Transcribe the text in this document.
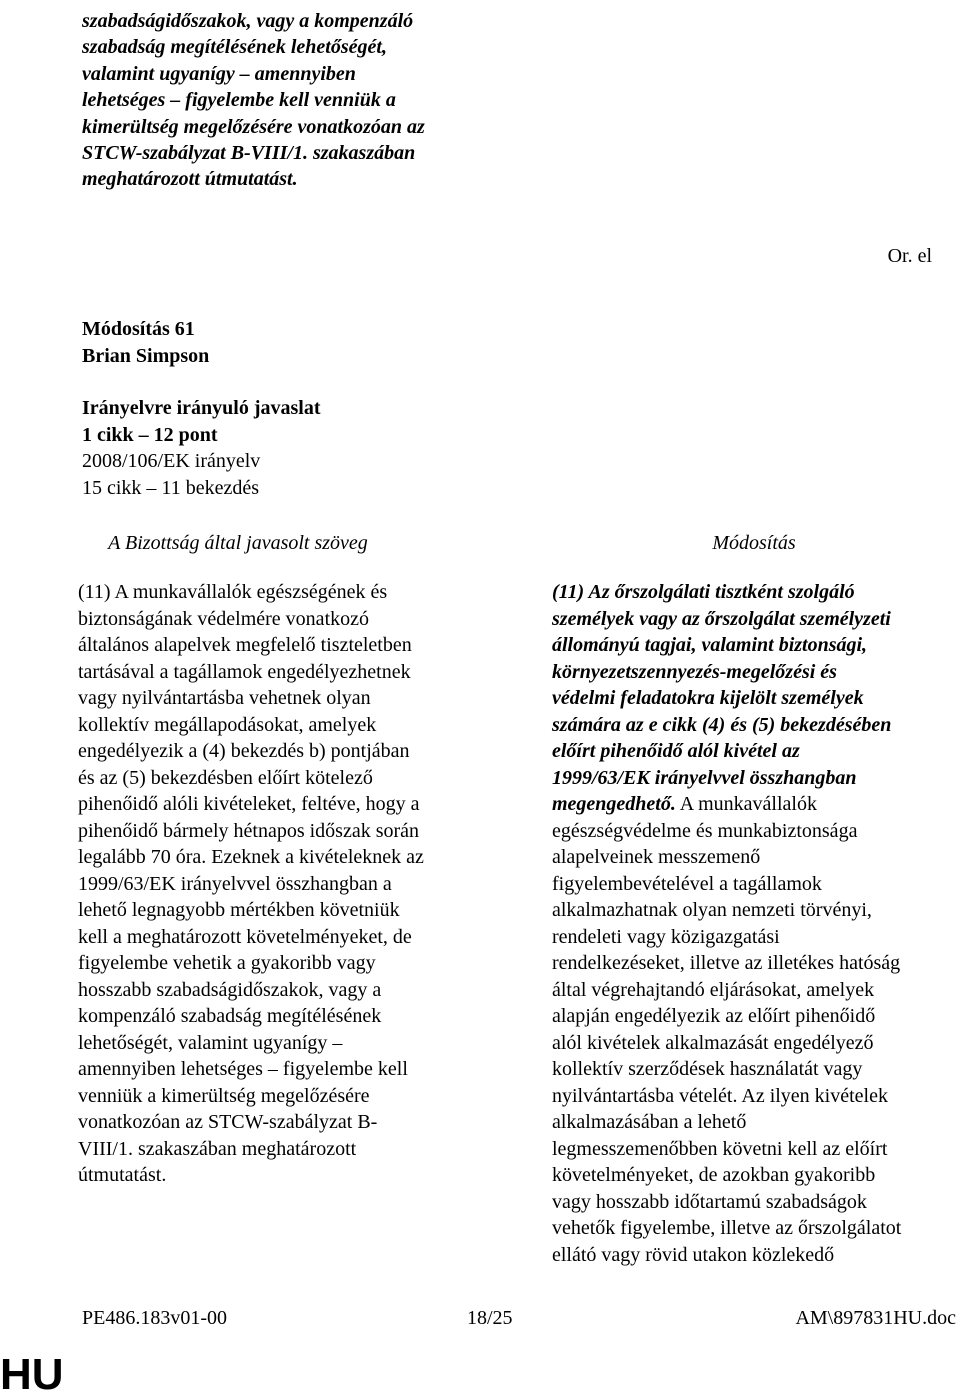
szabadságidőszakok, vagy a kompenzáló
szabadság megítélésének lehetőségét,
valamint ugyanígy – amennyiben
lehetséges – figyelembe kell venniük a
kimerültség megelőzésére vonatkozóan az
STCW-szabályzat B-VIII/1. szakaszában
meghatározott útmutatást.
Or. el
Módosítás 61
Brian Simpson
Irányelvre irányuló javaslat
1 cikk – 12 pont
2008/106/EK irányelv
15 cikk – 11 bekezdés
A Bizottság által javasolt szöveg	Módosítás
(11) A munkavállalók egészségének és
biztonságának védelmére vonatkozó
általános alapelvek megfelelő tiszteletben
tartásával a tagállamok engedélyezhetnek
vagy nyilvántartásba vehetnek olyan
kollektív megállapodásokat, amelyek
engedélyezik a (4) bekezdés b) pontjában
és az (5) bekezdésben előírt kötelező
pihenőidő alóli kivételeket, feltéve, hogy a
pihenőidő bármely hétnapos időszak során
legalább 70 óra. Ezeknek a kivételeknek az
1999/63/EK irányelvvel összhangban a
lehető legnagyobb mértékben követniük
kell a meghatározott követelményeket, de
figyelembe vehetik a gyakoribb vagy
hosszabb szabadságidőszakok, vagy a
kompenzáló szabadság megítélésének
lehetőségét, valamint ugyanígy –
amennyiben lehetséges – figyelembe kell
venniük a kimerültség megelőzésére
vonatkozóan az STCW-szabályzat B-
VIII/1. szakaszában meghatározott
útmutatást.
(11) Az őrszolgálati tisztként szolgáló
személyek vagy az őrszolgálat személyzeti
állományú tagjai, valamint biztonsági,
környezetszennyezés-megelőzési és
védelmi feladatokra kijelölt személyek
számára az e cikk (4) és (5) bekezdésében
előírt pihenőidő alól kivétel az
1999/63/EK irányelvvel összhangban
megengedhető. A munkavállalók
egészségvédelme és munkabiztonsága
alapelveinek messzemenő
figyelembevételével a tagállamok
alkalmazhatnak olyan nemzeti törvényi,
rendeleti vagy közigazgatási
rendelkezéseket, illetve az illetékes hatóság
által végrehajtandó eljárásokat, amelyek
alapján engedélyezik az előírt pihenőidő
alól kivételek alkalmazását engedélyező
kollektív szerződések használatát vagy
nyilvántartásba vételét. Az ilyen kivételek
alkalmazásában a lehető
legmesszemenőbben követni kell az előírt
követelményeket, de azokban gyakoribb
vagy hosszabb időtartamú szabadságok
vehetők figyelembe, illetve az őrszolgálatot
ellátó vagy rövid utakon közlekedő
PE486.183v01-00	18/25	AM\897831HU.doc
HU
